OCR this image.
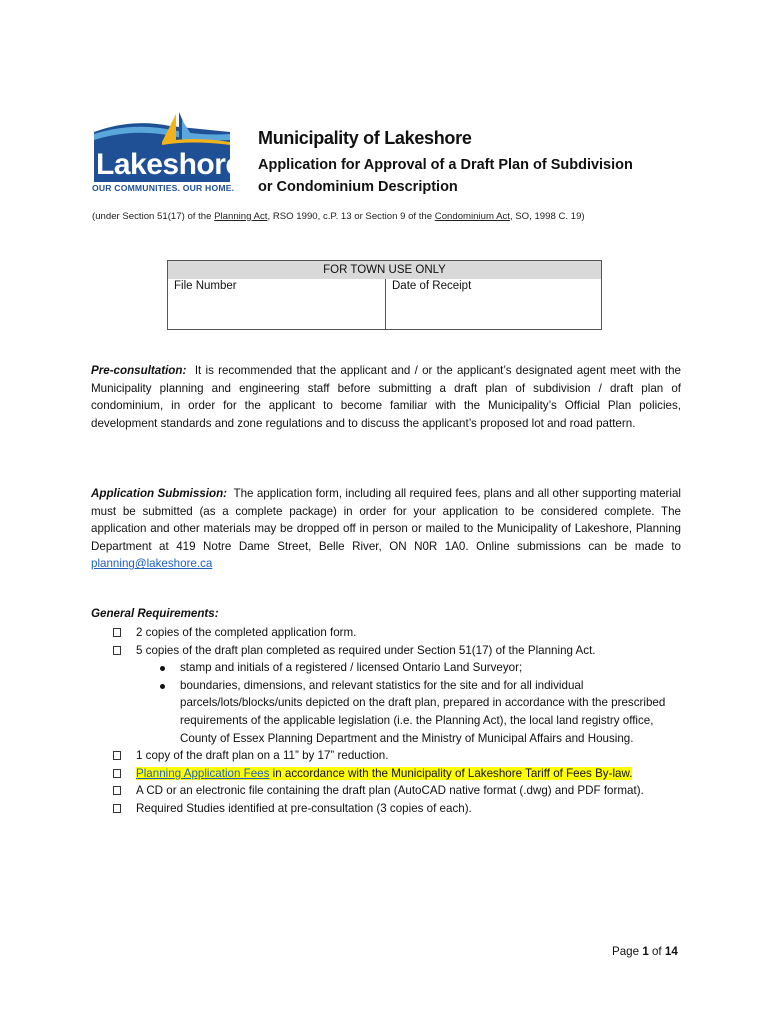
Lakeshore
OUR COMMUNITIES. OUR HOME.
Municipality of Lakeshore
Application for Approval of a Draft Plan of Subdivision
or Condominium Description
(under Section 51(17) of the Planning Act, RSO 1990, c.P. 13 or Section 9 of the Condominium Act, SO, 1998 C. 19)
FOR TOWN USE ONLY
File Number	Date of Receipt
Pre-consultation: It is recommended that the applicant and / or the applicant’s designated agent meet with the Municipality planning and engineering staff before submitting a draft plan of subdivision / draft plan of condominium, in order for the applicant to become familiar with the Municipality’s Official Plan policies, development standards and zone regulations and to discuss the applicant’s proposed lot and road pattern.
Application Submission: The application form, including all required fees, plans and all other supporting material must be submitted (as a complete package) in order for your application to be considered complete. The application and other materials may be dropped off in person or mailed to the Municipality of Lakeshore, Planning Department at 419 Notre Dame Street, Belle River, ON N0R 1A0. Online submissions can be made to planning@lakeshore.ca
General Requirements:
2 copies of the completed application form.
5 copies of the draft plan completed as required under Section 51(17) of the Planning Act.
stamp and initials of a registered / licensed Ontario Land Surveyor;
boundaries, dimensions, and relevant statistics for the site and for all individual parcels/lots/blocks/units depicted on the draft plan, prepared in accordance with the prescribed requirements of the applicable legislation (i.e. the Planning Act), the local land registry office, County of Essex Planning Department and the Ministry of Municipal Affairs and Housing.
1 copy of the draft plan on a 11” by 17” reduction.
Planning Application Fees in accordance with the Municipality of Lakeshore Tariff of Fees By-law.
A CD or an electronic file containing the draft plan (AutoCAD native format (.dwg) and PDF format).
Required Studies identified at pre-consultation (3 copies of each).
Page 1 of 14
